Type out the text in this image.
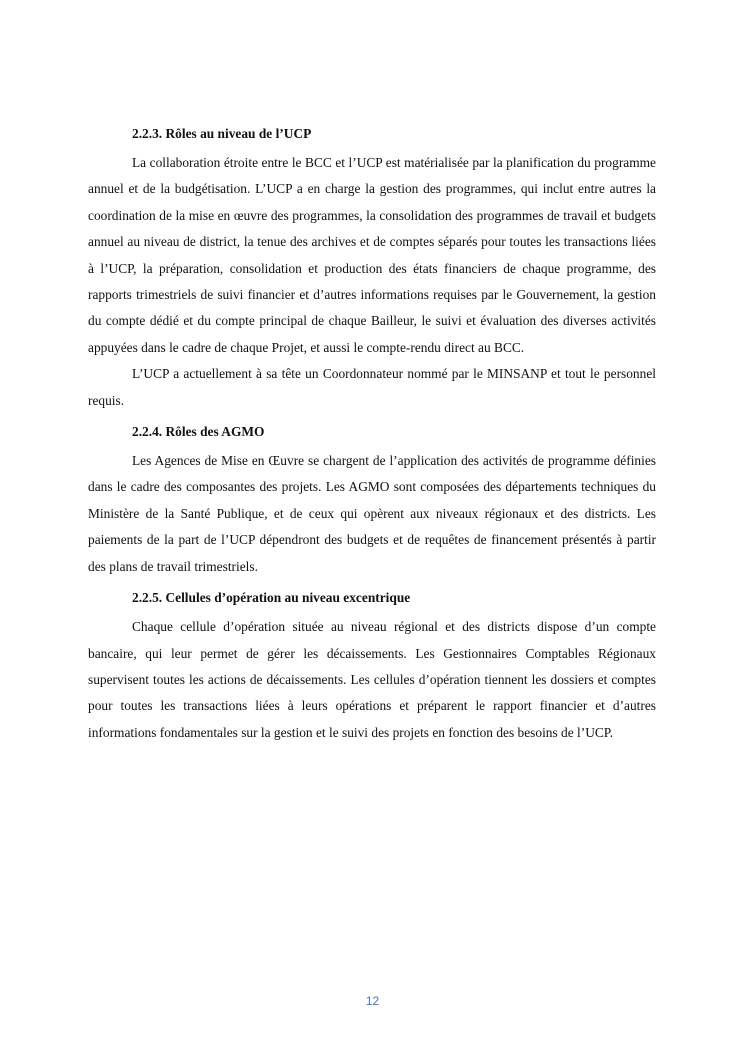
2.2.3. Rôles au niveau de l’UCP

La collaboration étroite entre le BCC et l’UCP est matérialisée par la planification du programme annuel et de la budgétisation. L’UCP a en charge la gestion des programmes, qui inclut entre autres la coordination de la mise en œuvre des programmes, la consolidation des programmes de travail et budgets annuel au niveau de district, la tenue des archives et de comptes séparés pour toutes les transactions liées à l’UCP, la préparation, consolidation et production des états financiers de chaque programme, des rapports trimestriels de suivi financier et d’autres informations requises par le Gouvernement, la gestion du compte dédié et du compte principal de chaque Bailleur, le suivi et évaluation des diverses activités appuyées dans le cadre de chaque Projet, et aussi le compte-rendu direct au BCC.

L’UCP a actuellement à sa tête un Coordonnateur nommé par le MINSANP et tout le personnel requis.

2.2.4. Rôles des AGMO

Les Agences de Mise en Œuvre se chargent de l’application des activités de programme définies dans le cadre des composantes des projets. Les AGMO sont composées des départements techniques du Ministère de la Santé Publique, et de ceux qui opèrent aux niveaux régionaux et des districts. Les paiements de la part de l’UCP dépendront des budgets et de requêtes de financement présentés à partir des plans de travail trimestriels.

2.2.5. Cellules d’opération au niveau excentrique

Chaque cellule d’opération située au niveau régional et des districts dispose d’un compte bancaire, qui leur permet de gérer les décaissements. Les Gestionnaires Comptables Régionaux supervisent toutes les actions de décaissements. Les cellules d’opération tiennent les dossiers et comptes pour toutes les transactions liées à leurs opérations et préparent le rapport financier et d’autres informations fondamentales sur la gestion et le suivi des projets en fonction des besoins de l’UCP.

12
